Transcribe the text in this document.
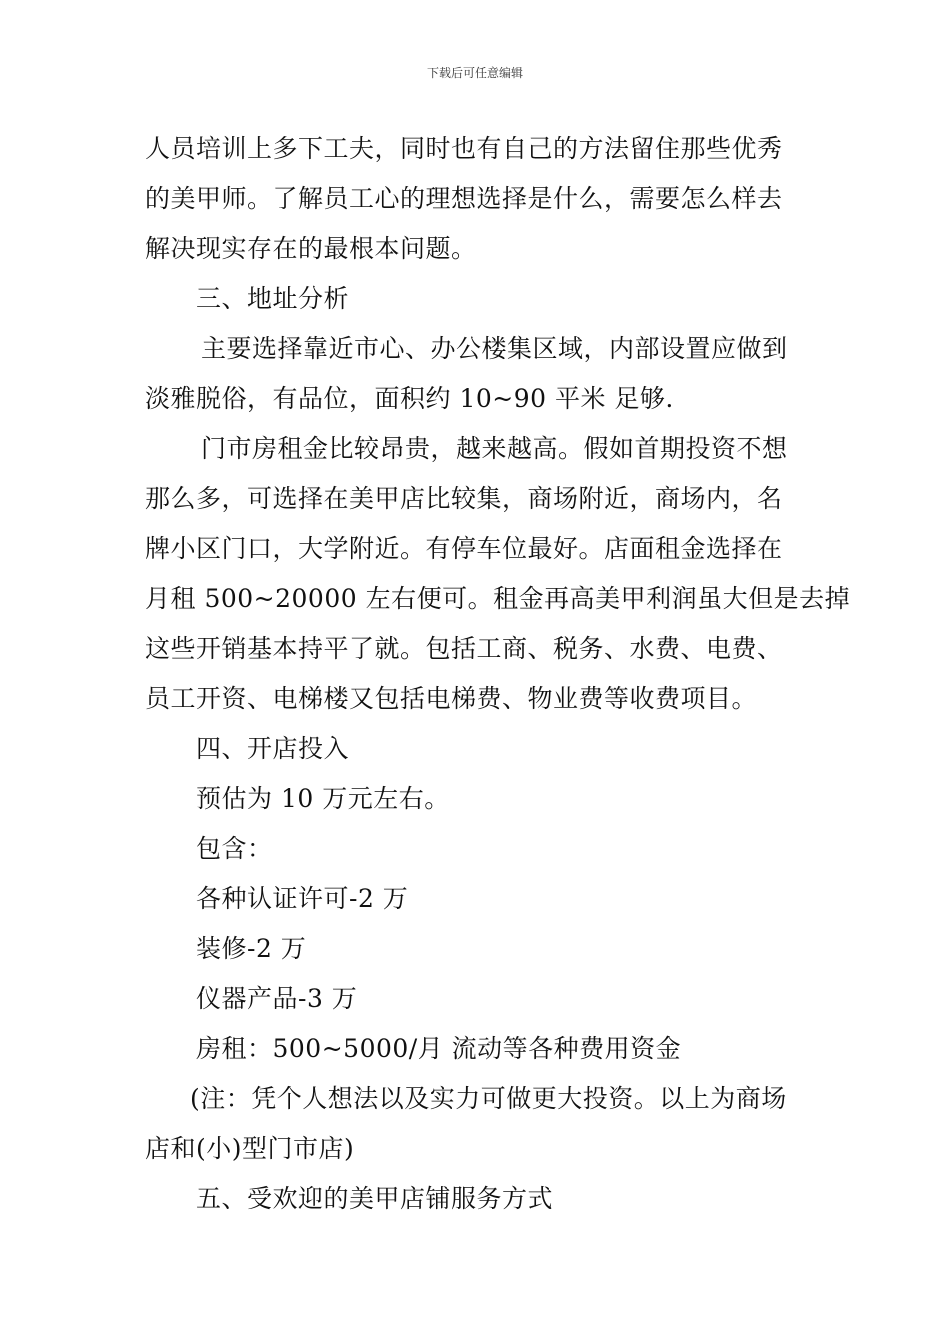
下载后可任意编辑
人员培训上多下工夫，同时也有自己的方法留住那些优秀
的美甲师。了解员工心的理想选择是什么，需要怎么样去
解决现实存在的最根本问题。
三、地址分析
主要选择靠近市心、办公楼集区域，内部设置应做到
淡雅脱俗，有品位，面积约 10~90 平米 足够.
门市房租金比较昂贵，越来越高。假如首期投资不想
那么多，可选择在美甲店比较集，商场附近，商场内，名
牌小区门口，大学附近。有停车位最好。店面租金选择在
月租 500~20000 左右便可。租金再高美甲利润虽大但是去掉
这些开销基本持平了就。包括工商、税务、水费、电费、
员工开资、电梯楼又包括电梯费、物业费等收费项目。
四、开店投入
预估为 10 万元左右。
包含：
各种认证许可-2 万
装修-2 万
仪器产品-3 万
房租：500~5000/月 流动等各种费用资金
(注：凭个人想法以及实力可做更大投资。以上为商场
店和(小)型门市店)
五、受欢迎的美甲店铺服务方式
